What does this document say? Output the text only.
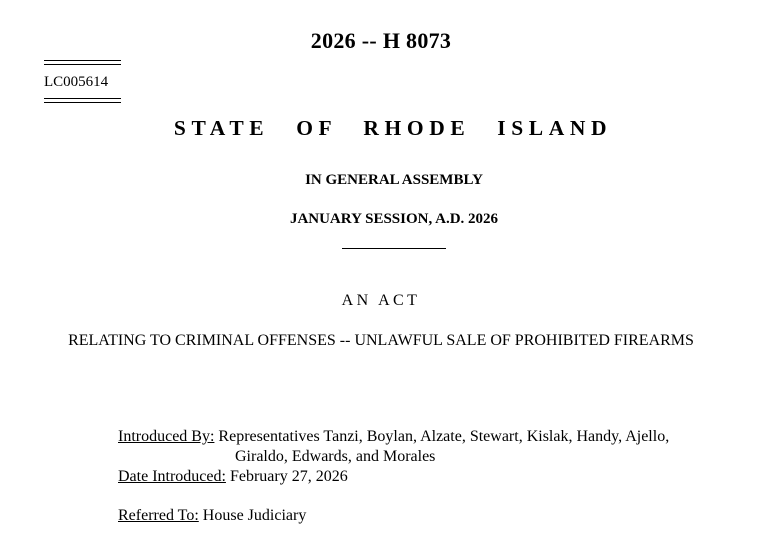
2026 -- H 8073
LC005614
STATE OF RHODE ISLAND
IN GENERAL ASSEMBLY
JANUARY SESSION, A.D. 2026
AN ACT
RELATING TO CRIMINAL OFFENSES -- UNLAWFUL SALE OF PROHIBITED FIREARMS
Introduced By: Representatives Tanzi, Boylan, Alzate, Stewart, Kislak, Handy, Ajello,
Giraldo, Edwards, and Morales
Date Introduced: February 27, 2026
Referred To: House Judiciary
